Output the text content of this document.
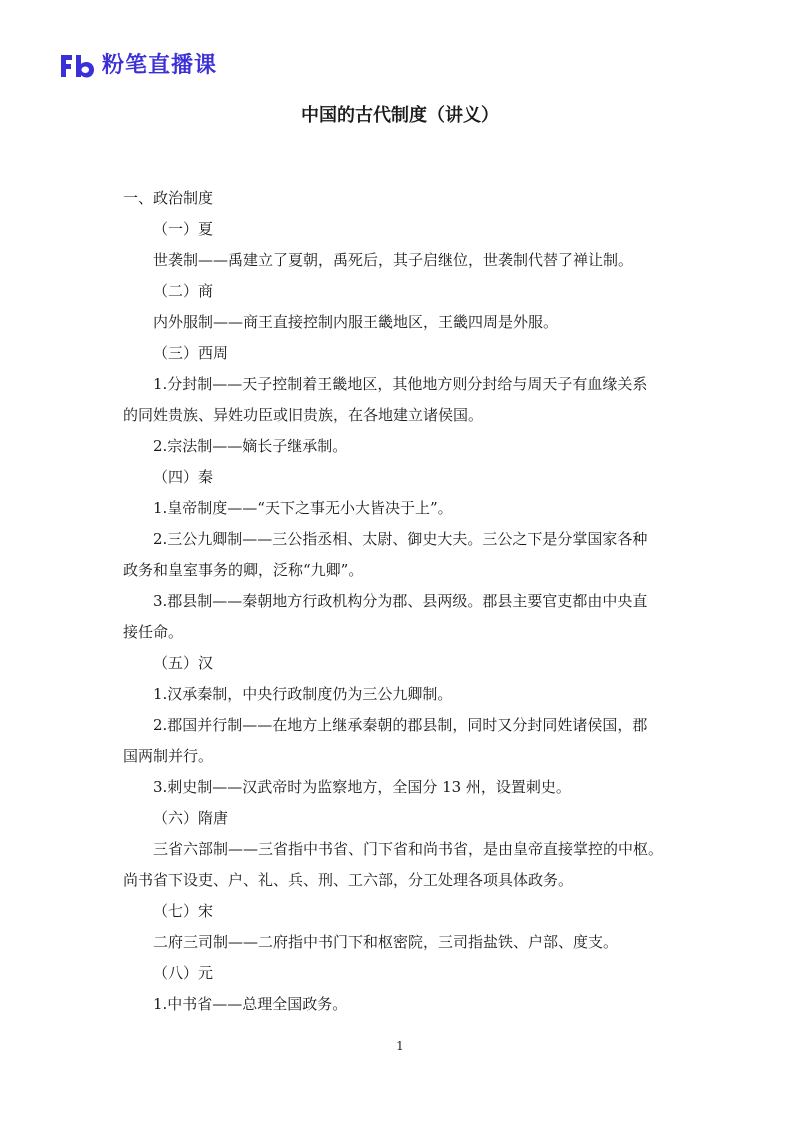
粉笔直播课
中国的古代制度（讲义）

一、政治制度

（一）夏

世袭制——禹建立了夏朝，禹死后，其子启继位，世袭制代替了禅让制。

（二）商

内外服制——商王直接控制内服王畿地区，王畿四周是外服。

（三）西周

1.分封制——天子控制着王畿地区，其他地方则分封给与周天子有血缘关系

的同姓贵族、异姓功臣或旧贵族，在各地建立诸侯国。

2.宗法制——嫡长子继承制。

（四）秦

1.皇帝制度——“天下之事无小大皆决于上”。

2.三公九卿制——三公指丞相、太尉、御史大夫。三公之下是分掌国家各种

政务和皇室事务的卿，泛称“九卿”。

3.郡县制——秦朝地方行政机构分为郡、县两级。郡县主要官吏都由中央直

接任命。

（五）汉

1.汉承秦制，中央行政制度仍为三公九卿制。

2.郡国并行制——在地方上继承秦朝的郡县制，同时又分封同姓诸侯国，郡

国两制并行。

3.刺史制——汉武帝时为监察地方，全国分 13 州，设置刺史。

（六）隋唐

三省六部制——三省指中书省、门下省和尚书省，是由皇帝直接掌控的中枢。

尚书省下设吏、户、礼、兵、刑、工六部，分工处理各项具体政务。

（七）宋

二府三司制——二府指中书门下和枢密院，三司指盐铁、户部、度支。

（八）元

1.中书省——总理全国政务。

1
